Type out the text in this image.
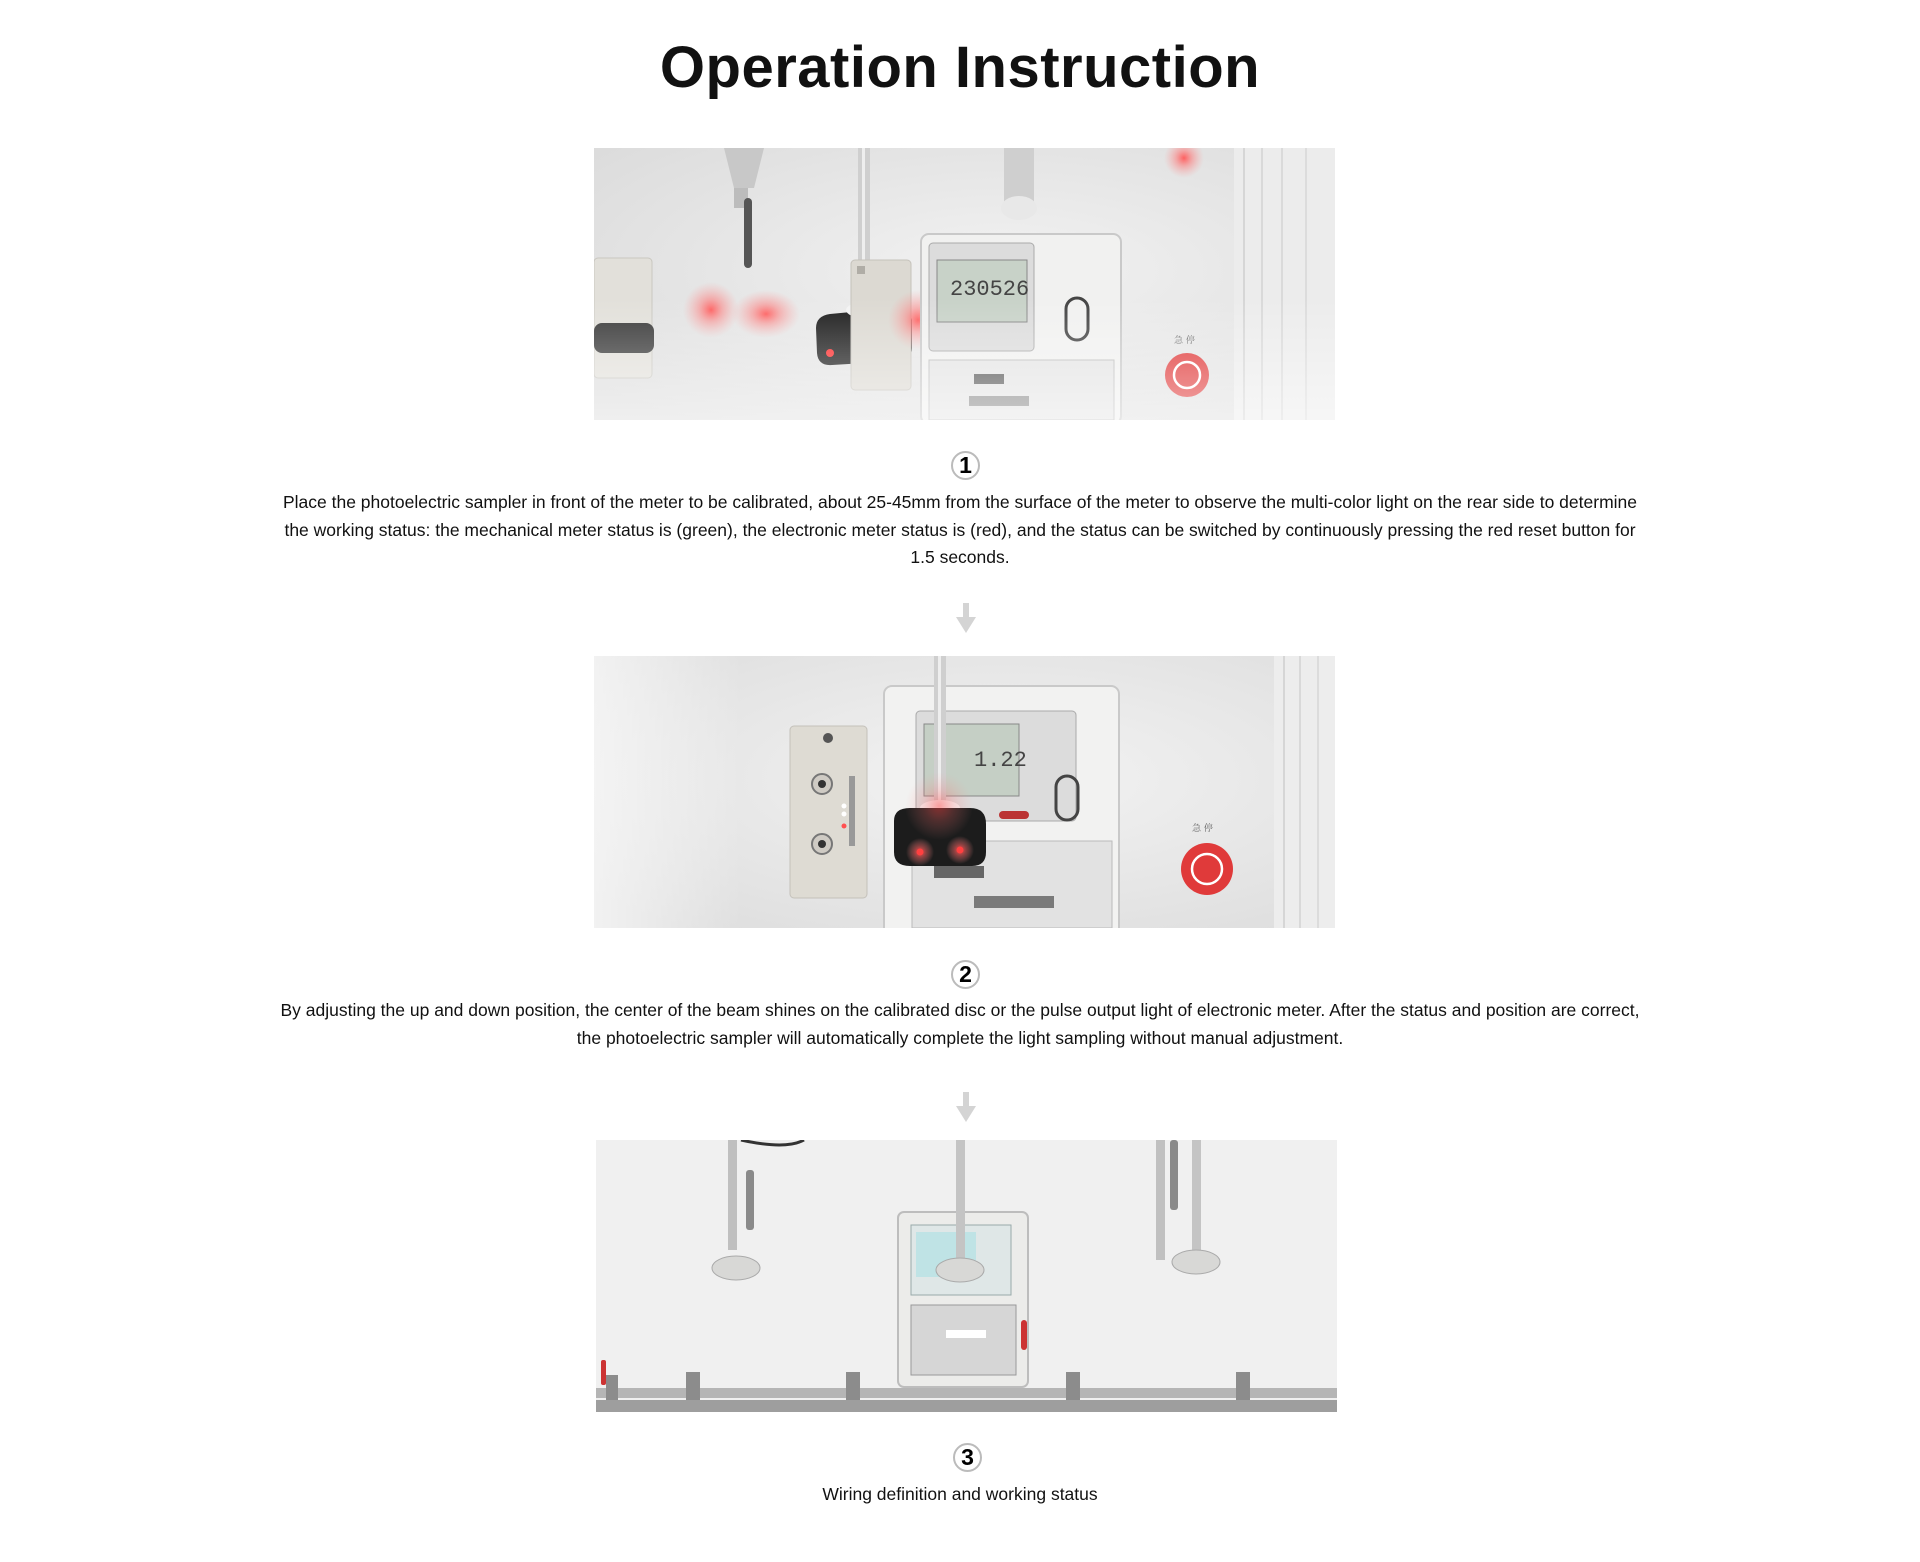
Operation Instruction
1
Place the photoelectric sampler in front of the meter to be calibrated, about 25-45mm from the surface of the meter to observe the multi-color light on the rear side to determine the working status: the mechanical meter status is (green), the electronic meter status is (red), and the status can be switched by continuously pressing the red reset button for 1.5 seconds.
2
By adjusting the up and down position, the center of the beam shines on the calibrated disc or the pulse output light of electronic meter. After the status and position are correct, the photoelectric sampler will automatically complete the light sampling without manual adjustment.
3
Wiring definition and working status
